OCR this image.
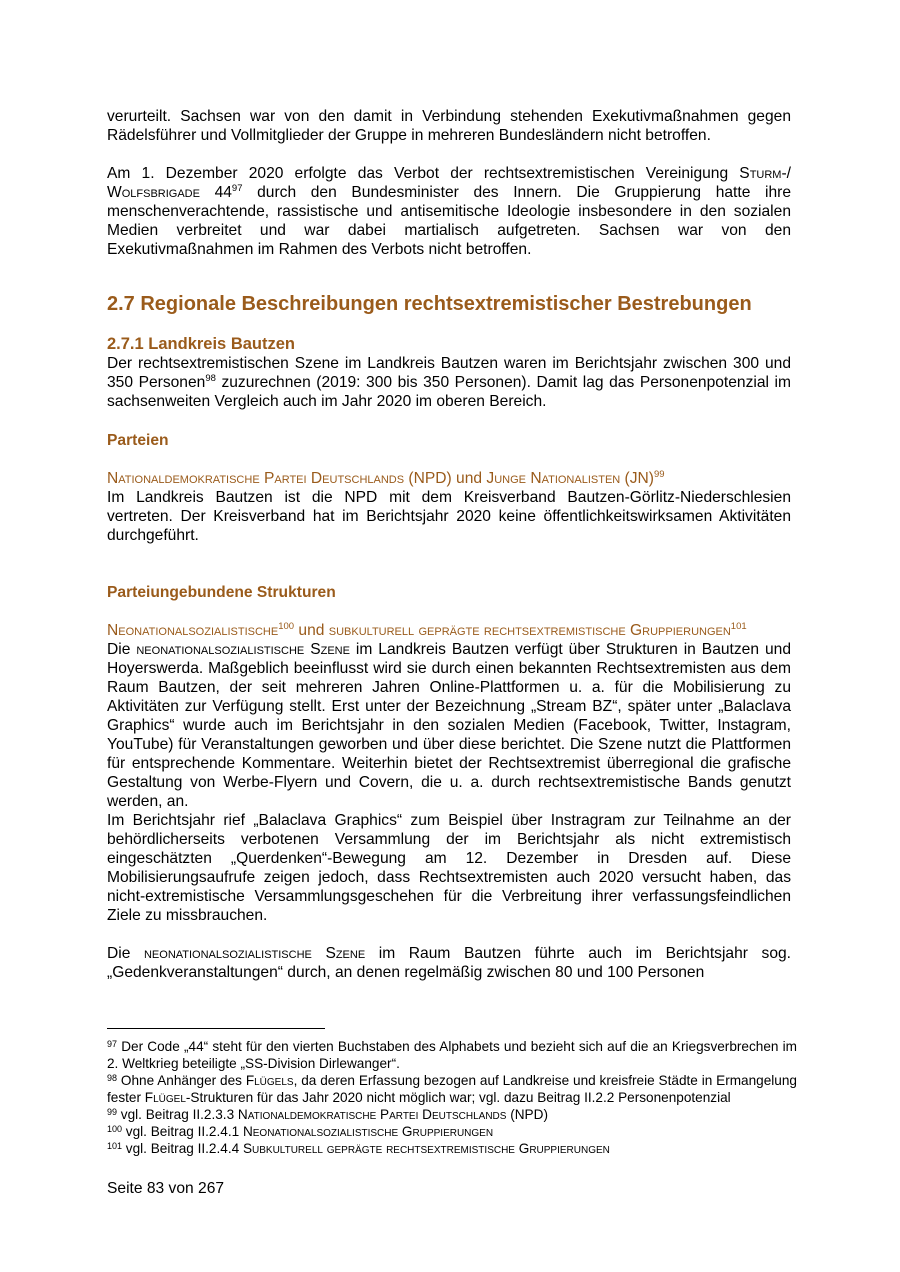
verurteilt. Sachsen war von den damit in Verbindung stehenden Exekutivmaßnahmen gegen Rädelsführer und Vollmitglieder der Gruppe in mehreren Bundesländern nicht betroffen.

Am 1. Dezember 2020 erfolgte das Verbot der rechtsextremistischen Vereinigung Sturm-/ Wolfsbrigade $44^{97}$ durch den Bundesminister des Innern. Die Gruppierung hatte ihre menschenverachtende, rassistische und antisemitische Ideologie insbesondere in den sozialen Medien verbreitet und war dabei martialisch aufgetreten. Sachsen war von den Exekutivmaßnahmen im Rahmen des Verbots nicht betroffen.

2.7 Regionale Beschreibungen rechtsextremistischer Bestrebungen
2.7.1 Landkreis Bautzen

Der rechtsextremistischen Szene im Landkreis Bautzen waren im Berichtsjahr zwischen 300 und 350 Personen$^{98}$ zuzurechnen (2019: 300 bis 350 Personen). Damit lag das Personenpotenzial im sachsenweiten Vergleich auch im Jahr 2020 im oberen Bereich.

Parteien

Nationaldemokratische Partei Deutschlands (NPD) und Junge Nationalisten (JN)$^{99}$

Im Landkreis Bautzen ist die NPD mit dem Kreisverband Bautzen-Görlitz-Niederschlesien vertreten. Der Kreisverband hat im Berichtsjahr 2020 keine öffentlichkeitswirksamen Aktivitäten durchgeführt.

Parteiungebundene Strukturen

Neonationalsozialistische$^{100}$ und subkulturell geprägte rechtsextremistische Gruppierungen$^{101}$

Die neonationalsozialistische Szene im Landkreis Bautzen verfügt über Strukturen in Bautzen und Hoyerswerda. Maßgeblich beeinflusst wird sie durch einen bekannten Rechtsextremisten aus dem Raum Bautzen, der seit mehreren Jahren Online-Plattformen u. a. für die Mobilisierung zu Aktivitäten zur Verfügung stellt. Erst unter der Bezeichnung „Stream BZ“, später unter „Balaclava Graphics“ wurde auch im Berichtsjahr in den sozialen Medien (Facebook, Twitter, Instagram, YouTube) für Veranstaltungen geworben und über diese berichtet. Die Szene nutzt die Plattformen für entsprechende Kommentare. Weiterhin bietet der Rechtsextremist überregional die grafische Gestaltung von Werbe-Flyern und Covern, die u. a. durch rechtsextremistische Bands genutzt werden, an.

Im Berichtsjahr rief „Balaclava Graphics“ zum Beispiel über Instragram zur Teilnahme an der behördlicherseits verbotenen Versammlung der im Berichtsjahr als nicht extremistisch eingeschätzten „Querdenken“-Bewegung am 12. Dezember in Dresden auf. Diese Mobilisierungsaufrufe zeigen jedoch, dass Rechtsextremisten auch 2020 versucht haben, das nicht-extremistische Versammlungsgeschehen für die Verbreitung ihrer verfassungsfeindlichen Ziele zu missbrauchen.

Die neonationalsozialistische Szene im Raum Bautzen führte auch im Berichtsjahr sog. „Gedenkveranstaltungen“ durch, an denen regelmäßig zwischen 80 und 100 Personen

$^{97}$ Der Code „44“ steht für den vierten Buchstaben des Alphabets und bezieht sich auf die an Kriegsverbrechen im 2. Weltkrieg beteiligte „SS-Division Dirlewanger“.

$^{98}$ Ohne Anhänger des Flügels, da deren Erfassung bezogen auf Landkreise und kreisfreie Städte in Ermangelung fester Flügel-Strukturen für das Jahr 2020 nicht möglich war; vgl. dazu Beitrag II.2.2 Personenpotenzial

$^{99}$ vgl. Beitrag II.2.3.3 Nationaldemokratische Partei Deutschlands (NPD)

$^{100}$ vgl. Beitrag II.2.4.1 Neonationalsozialistische Gruppierungen

$^{101}$ vgl. Beitrag II.2.4.4 Subkulturell geprägte rechtsextremistische Gruppierungen

Seite 83 von 267
